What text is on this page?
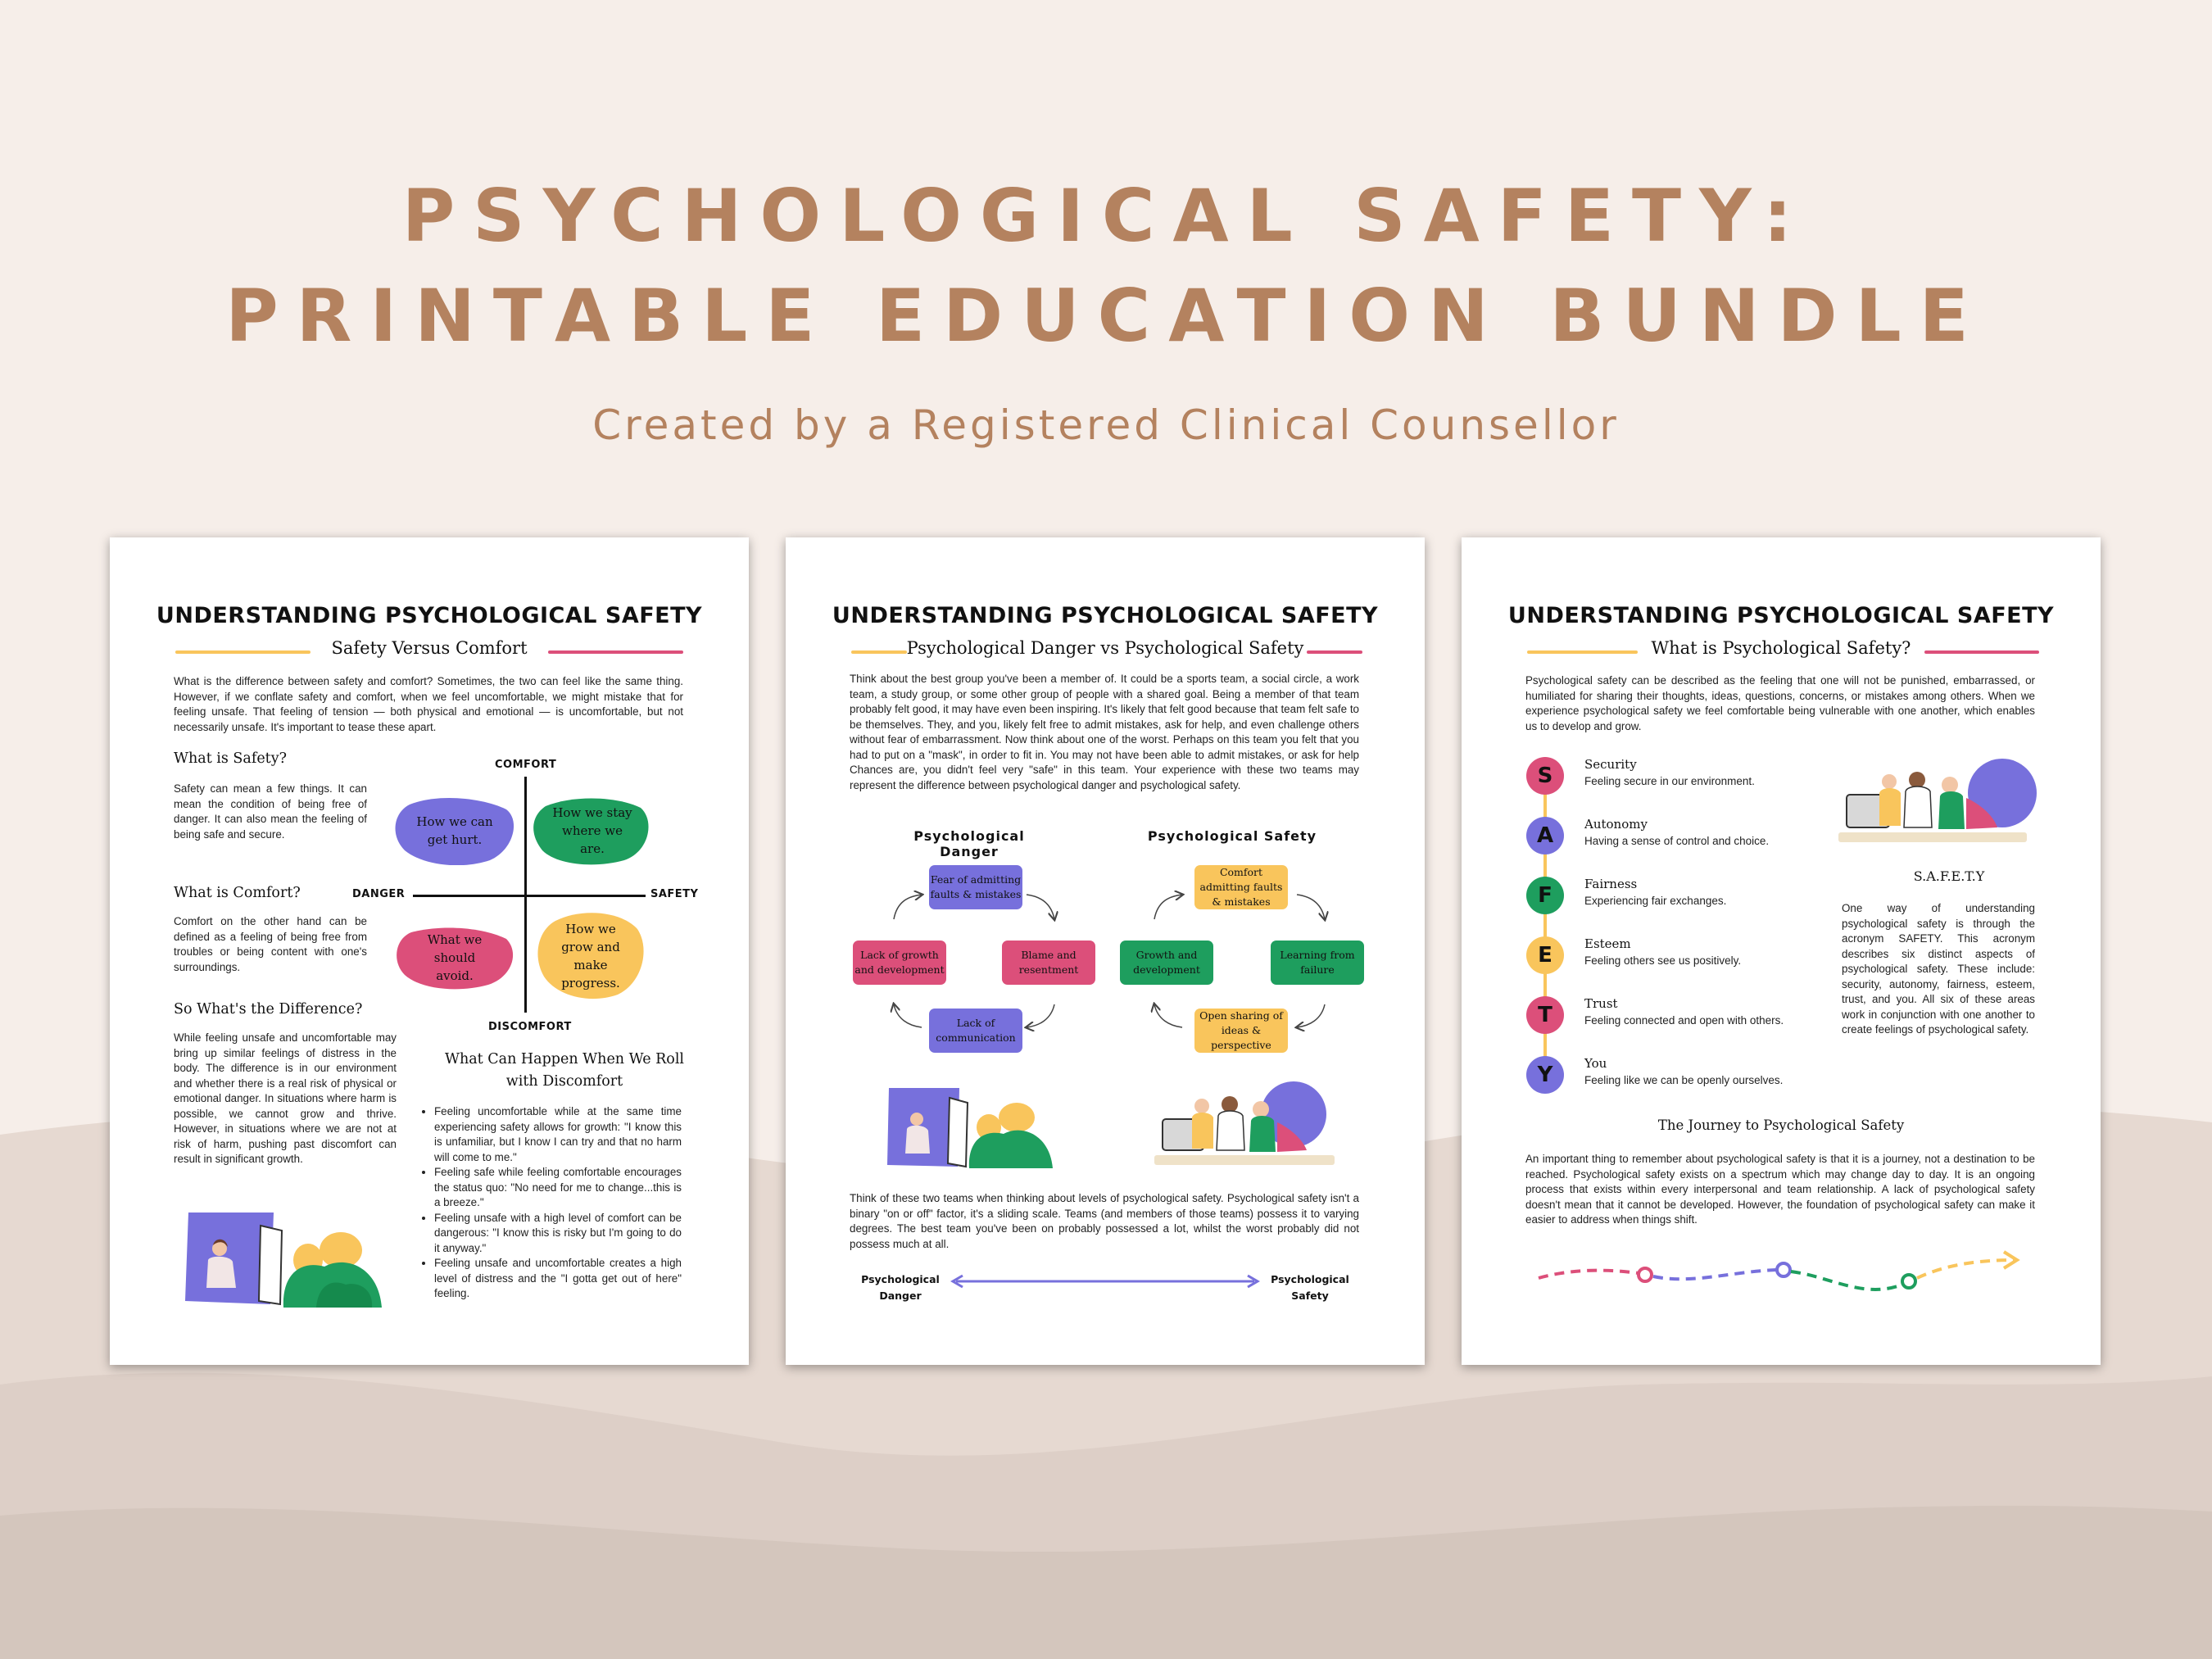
PSYCHOLOGICAL SAFETY:
PRINTABLE EDUCATION BUNDLE
Created by a Registered Clinical Counsellor
UNDERSTANDING PSYCHOLOGICAL SAFETY
Safety Versus Comfort

What is the difference between safety and comfort? Sometimes, the two can feel like the same thing. However, if we conflate safety and comfort, when we feel uncomfortable, we might mistake that for feeling unsafe. That feeling of tension — both physical and emotional — is uncomfortable, but not necessarily unsafe. It's important to tease these apart.

What is Safety?

Safety can mean a few things. It can mean the condition of being free of danger. It can also mean the feeling of being safe and secure.

What is Comfort?

Comfort on the other hand can be defined as a feeling of being free from troubles or being content with one's surroundings.

So What's the Difference?

While feeling unsafe and uncomfortable may bring up similar feelings of distress in the body. The difference is in our environment and whether there is a real risk of physical or emotional danger. In situations where harm is possible, we cannot grow and thrive. However, in situations where we are not at risk of harm, pushing past discomfort can result in significant growth.

COMFORT
DISCOMFORT
DANGER	SAFETY
How we can get hurt.
How we stay where we are.
What we should avoid.
How we grow and make progress.
What Can Happen When We Roll with Discomfort
• Feeling uncomfortable while at the same time experiencing safety allows for growth: "I know this is unfamiliar, but I know I can try and that no harm will come to me."
• Feeling safe while feeling comfortable encourages the status quo: "No need for me to change...this is a breeze."
• Feeling unsafe with a high level of comfort can be dangerous: "I know this is risky but I'm going to do it anyway."
• Feeling unsafe and uncomfortable creates a high level of distress and the "I gotta get out of here" feeling.
UNDERSTANDING PSYCHOLOGICAL SAFETY
Psychological Danger vs Psychological Safety

Think about the best group you've been a member of. It could be a sports team, a social circle, a work team, a study group, or some other group of people with a shared goal. Being a member of that team probably felt good, it may have even been inspiring. It's likely that felt good because that team felt safe to be themselves. They, and you, likely felt free to admit mistakes, ask for help, and even challenge others without fear of embarrassment. Now think about one of the worst. Perhaps on this team you felt that you had to put on a "mask", in order to fit in. You may not have been able to admit mistakes, or ask for help Chances are, you didn't feel very "safe" in this team. Your experience with these two teams may represent the difference between psychological danger and psychological safety.

Psychological Danger
Psychological Safety
Fear of admitting faults & mistakes
Blame and resentment
Lack of communication
Lack of growth and development
Comfort admitting faults & mistakes
Learning from failure
Open sharing of ideas & perspective
Growth and development

Think of these two teams when thinking about levels of psychological safety. Psychological safety isn't a binary "on or off" factor, it's a sliding scale. Teams (and members of those teams) possess it to varying degrees. The best team you've been on probably possessed a lot, whilst the worst probably did not possess much at all.

Psychological
Danger
Psychological
Safety
UNDERSTANDING PSYCHOLOGICAL SAFETY
What is Psychological Safety?

Psychological safety can be described as the feeling that one will not be punished, embarrassed, or humiliated for sharing their thoughts, ideas, questions, concerns, or mistakes among others. When we experience psychological safety we feel comfortable being vulnerable with one another, which enables us to develop and grow.

S	Security
Feeling secure in our environment.
A	Autonomy
Having a sense of control and choice.
F	Fairness
Experiencing fair exchanges.
E	Esteem
Feeling others see us positively.
T	Trust
Feeling connected and open with others.
Y	You
Feeling like we can be openly ourselves.
S.A.F.E.T.Y

One way of understanding psychological safety is through the acronym SAFETY. This acronym describes six distinct aspects of psychological safety. These include: security, autonomy, fairness, esteem, trust, and you. All six of these areas work in conjunction with one another to create feelings of psychological safety.

The Journey to Psychological Safety

An important thing to remember about psychological safety is that it is a journey, not a destination to be reached. Psychological safety exists on a spectrum which may change day to day. It is an ongoing process that exists within every interpersonal and team relationship. A lack of psychological safety doesn't mean that it cannot be developed. However, the foundation of psychological safety can make it easier to address when things shift.
